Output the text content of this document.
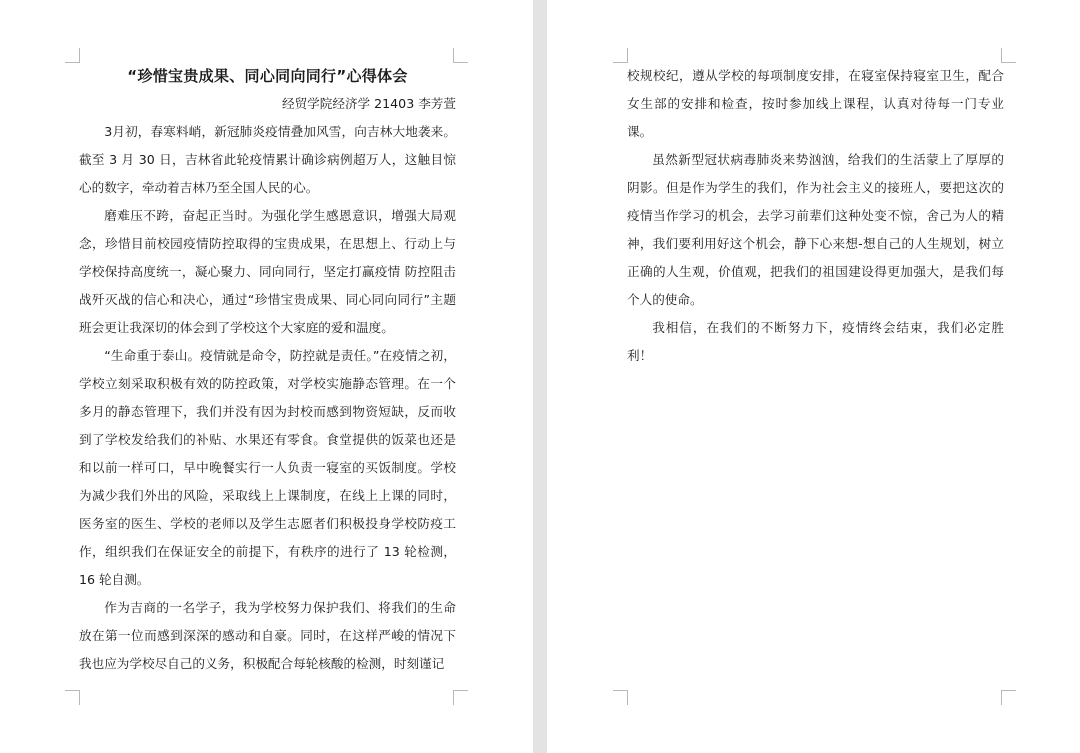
“珍惜宝贵成果、同心同向同行”心得体会

经贸学院经济学 21403 李芳萱

3月初，春寒料峭，新冠肺炎疫情叠加风雪，向吉林大地袭来。截至 3 月 30 日，吉林省此轮疫情累计确诊病例超万人，这触目惊心的数字，牵动着吉林乃至全国人民的心。

磨难压不跨，奋起正当时。为强化学生感恩意识，增强大局观念，珍惜目前校园疫情防控取得的宝贵成果，在思想上、行动上与学校保持高度统一，凝心聚力、同向同行，坚定打赢疫情 防控阻击战歼灭战的信心和决心，通过“珍惜宝贵成果、同心同向同行”主题班会更让我深切的体会到了学校这个大家庭的爱和温度。

“生命重于泰山。疫情就是命令，防控就是责任。”在疫情之初，学校立刻采取积极有效的防控政策，对学校实施静态管理。在一个多月的静态管理下，我们并没有因为封校而感到物资短缺，反而收到了学校发给我们的补贴、水果还有零食。食堂提供的饭菜也还是和以前一样可口，早中晚餐实行一人负责一寝室的买饭制度。学校为减少我们外出的风险，采取线上上课制度，在线上上课的同时，医务室的医生、学校的老师以及学生志愿者们积极投身学校防疫工作，组织我们在保证安全的前提下，有秩序的进行了 13 轮检测，16 轮自测。

作为吉商的一名学子，我为学校努力保护我们、将我们的生命放在第一位而感到深深的感动和自豪。同时，在这样严峻的情况下我也应为学校尽自己的义务，积极配合每轮核酸的检测，时刻谨记

校规校纪，遵从学校的每项制度安排，在寝室保持寝室卫生，配合女生部的安排和检查，按时参加线上课程，认真对待每一门专业课。

虽然新型冠状病毒肺炎来势汹汹，给我们的生活蒙上了厚厚的阴影。但是作为学生的我们，作为社会主义的接班人，要把这次的疫情当作学习的机会，去学习前辈们这种处变不惊，舍己为人的精神，我们要利用好这个机会，静下心来想-想自己的人生规划，树立正确的人生观，价值观，把我们的祖国建设得更加强大，是我们每个人的使命。

我相信，在我们的不断努力下，疫情终会结束，我们必定胜利！
